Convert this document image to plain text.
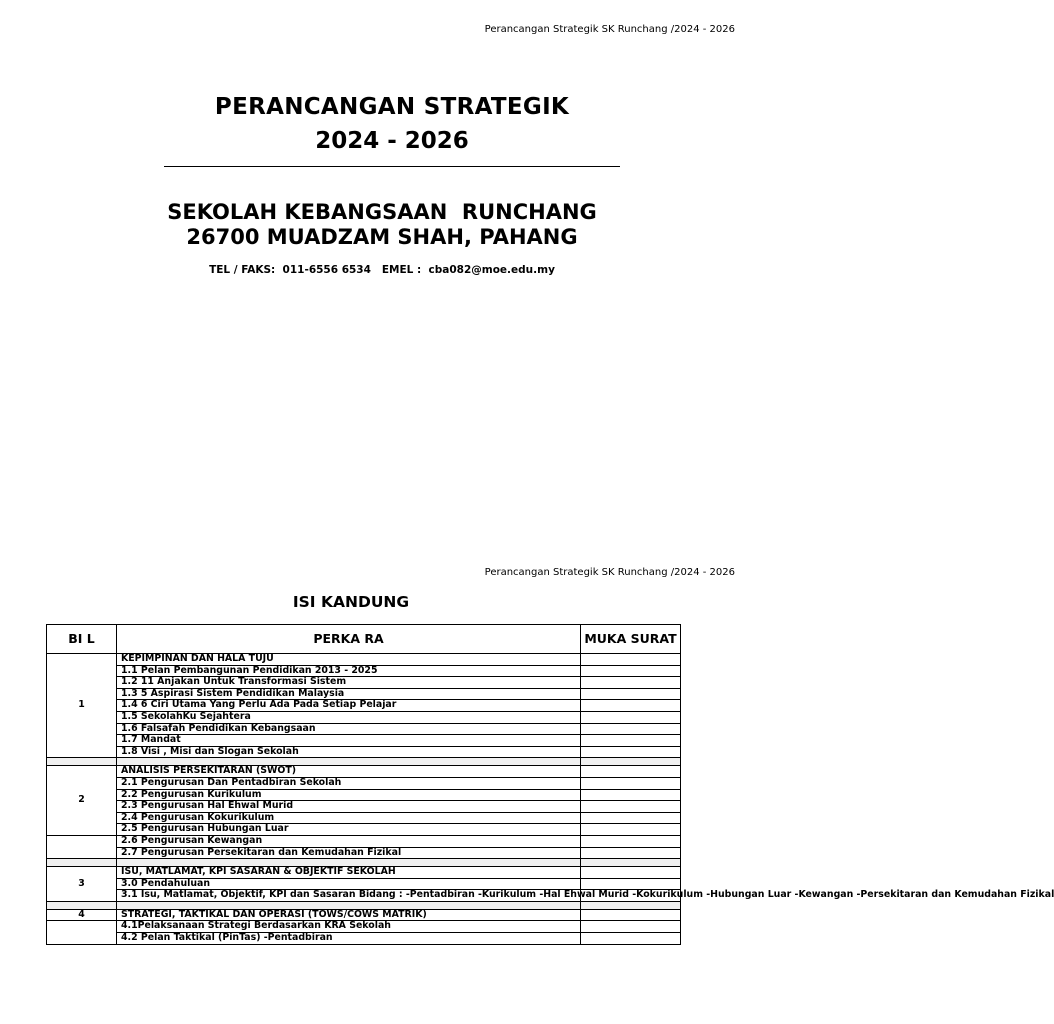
Perancangan Strategik SK Runchang /2024 - 2026
PERANCANGAN STRATEGIK
2024 - 2026
SEKOLAH KEBANGSAAN  RUNCHANG
26700 MUADZAM SHAH, PAHANG
TEL / FAKS:  011-6556 6534   EMEL :  cba082@moe.edu.my
Perancangan Strategik SK Runchang /2024 - 2026
ISI KANDUNG
BI L	PERKA RA	MUKA SURAT
1	KEPIMPINAN DAN HALA TUJU	
	1.1 Pelan Pembangunan Pendidikan 2013 - 2025	
	1.2 11 Anjakan Untuk Transformasi Sistem	
	1.3 5 Aspirasi Sistem Pendidikan Malaysia	
	1.4 6 Ciri Utama Yang Perlu Ada Pada Setiap Pelajar	
	1.5 SekolahKu Sejahtera	
	1.6 Falsafah Pendidikan Kebangsaan	
	1.7 Mandat	
	1.8 Visi , Misi dan Slogan Sekolah	

2	ANALISIS PERSEKITARAN (SWOT)	
	2.1 Pengurusan Dan Pentadbiran Sekolah	
	2.2 Pengurusan Kurikulum	
	2.3 Pengurusan Hal Ehwal Murid	
	2.4 Pengurusan Kokurikulum	
	2.5 Pengurusan Hubungan Luar	
	2.6 Pengurusan Kewangan	
	2.7 Pengurusan Persekitaran dan Kemudahan Fizikal	

3	ISU, MATLAMAT, KPI SASARAN & OBJEKTIF SEKOLAH	
	3.0 Pendahuluan	
	3.1 Isu, Matlamat, Objektif, KPI dan Sasaran Bidang : -Pentadbiran -Kurikulum -Hal Ehwal Murid -Kokurikulum -Hubungan Luar -Kewangan -Persekitaran dan Kemudahan Fizikal	

4	STRATEGI, TAKTIKAL DAN OPERASI (TOWS/COWS MATRIK)	
	4.1Pelaksanaan Strategi Berdasarkan KRA Sekolah	
	4.2 Pelan Taktikal (PinTas) -Pentadbiran	
